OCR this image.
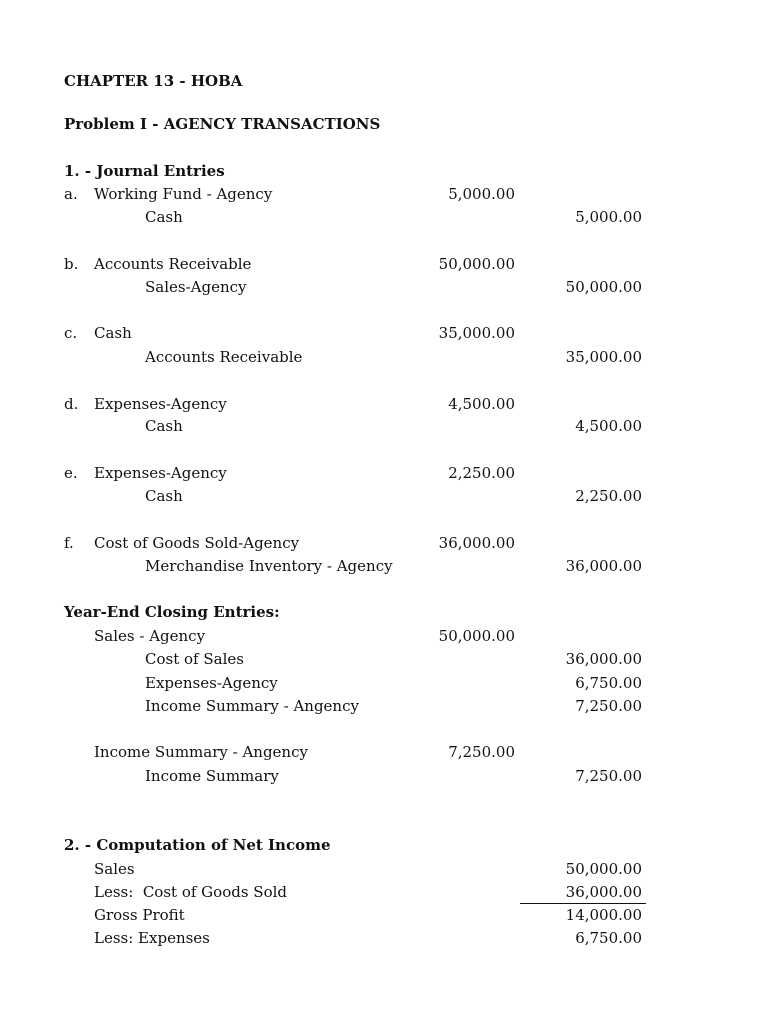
CHAPTER 13 - HOBA
Problem I - AGENCY TRANSACTIONS
1. - Journal Entries
a. Working Fund - Agency	5,000.00
Cash	5,000.00
b. Accounts Receivable	50,000.00
Sales-Agency	50,000.00
c. Cash	35,000.00
Accounts Receivable	35,000.00
d. Expenses-Agency	4,500.00
Cash	4,500.00
e. Expenses-Agency	2,250.00
Cash	2,250.00
f. Cost of Goods Sold-Agency	36,000.00
Merchandise Inventory - Agency	36,000.00
Year-End Closing Entries:
Sales - Agency	50,000.00
Cost of Sales	36,000.00
Expenses-Agency	6,750.00
Income Summary - Angency	7,250.00
Income Summary - Angency	7,250.00
Income Summary	7,250.00
2. - Computation of Net Income
Sales	50,000.00
Less:  Cost of Goods Sold	36,000.00
Gross Profit	14,000.00
Less: Expenses	6,750.00
